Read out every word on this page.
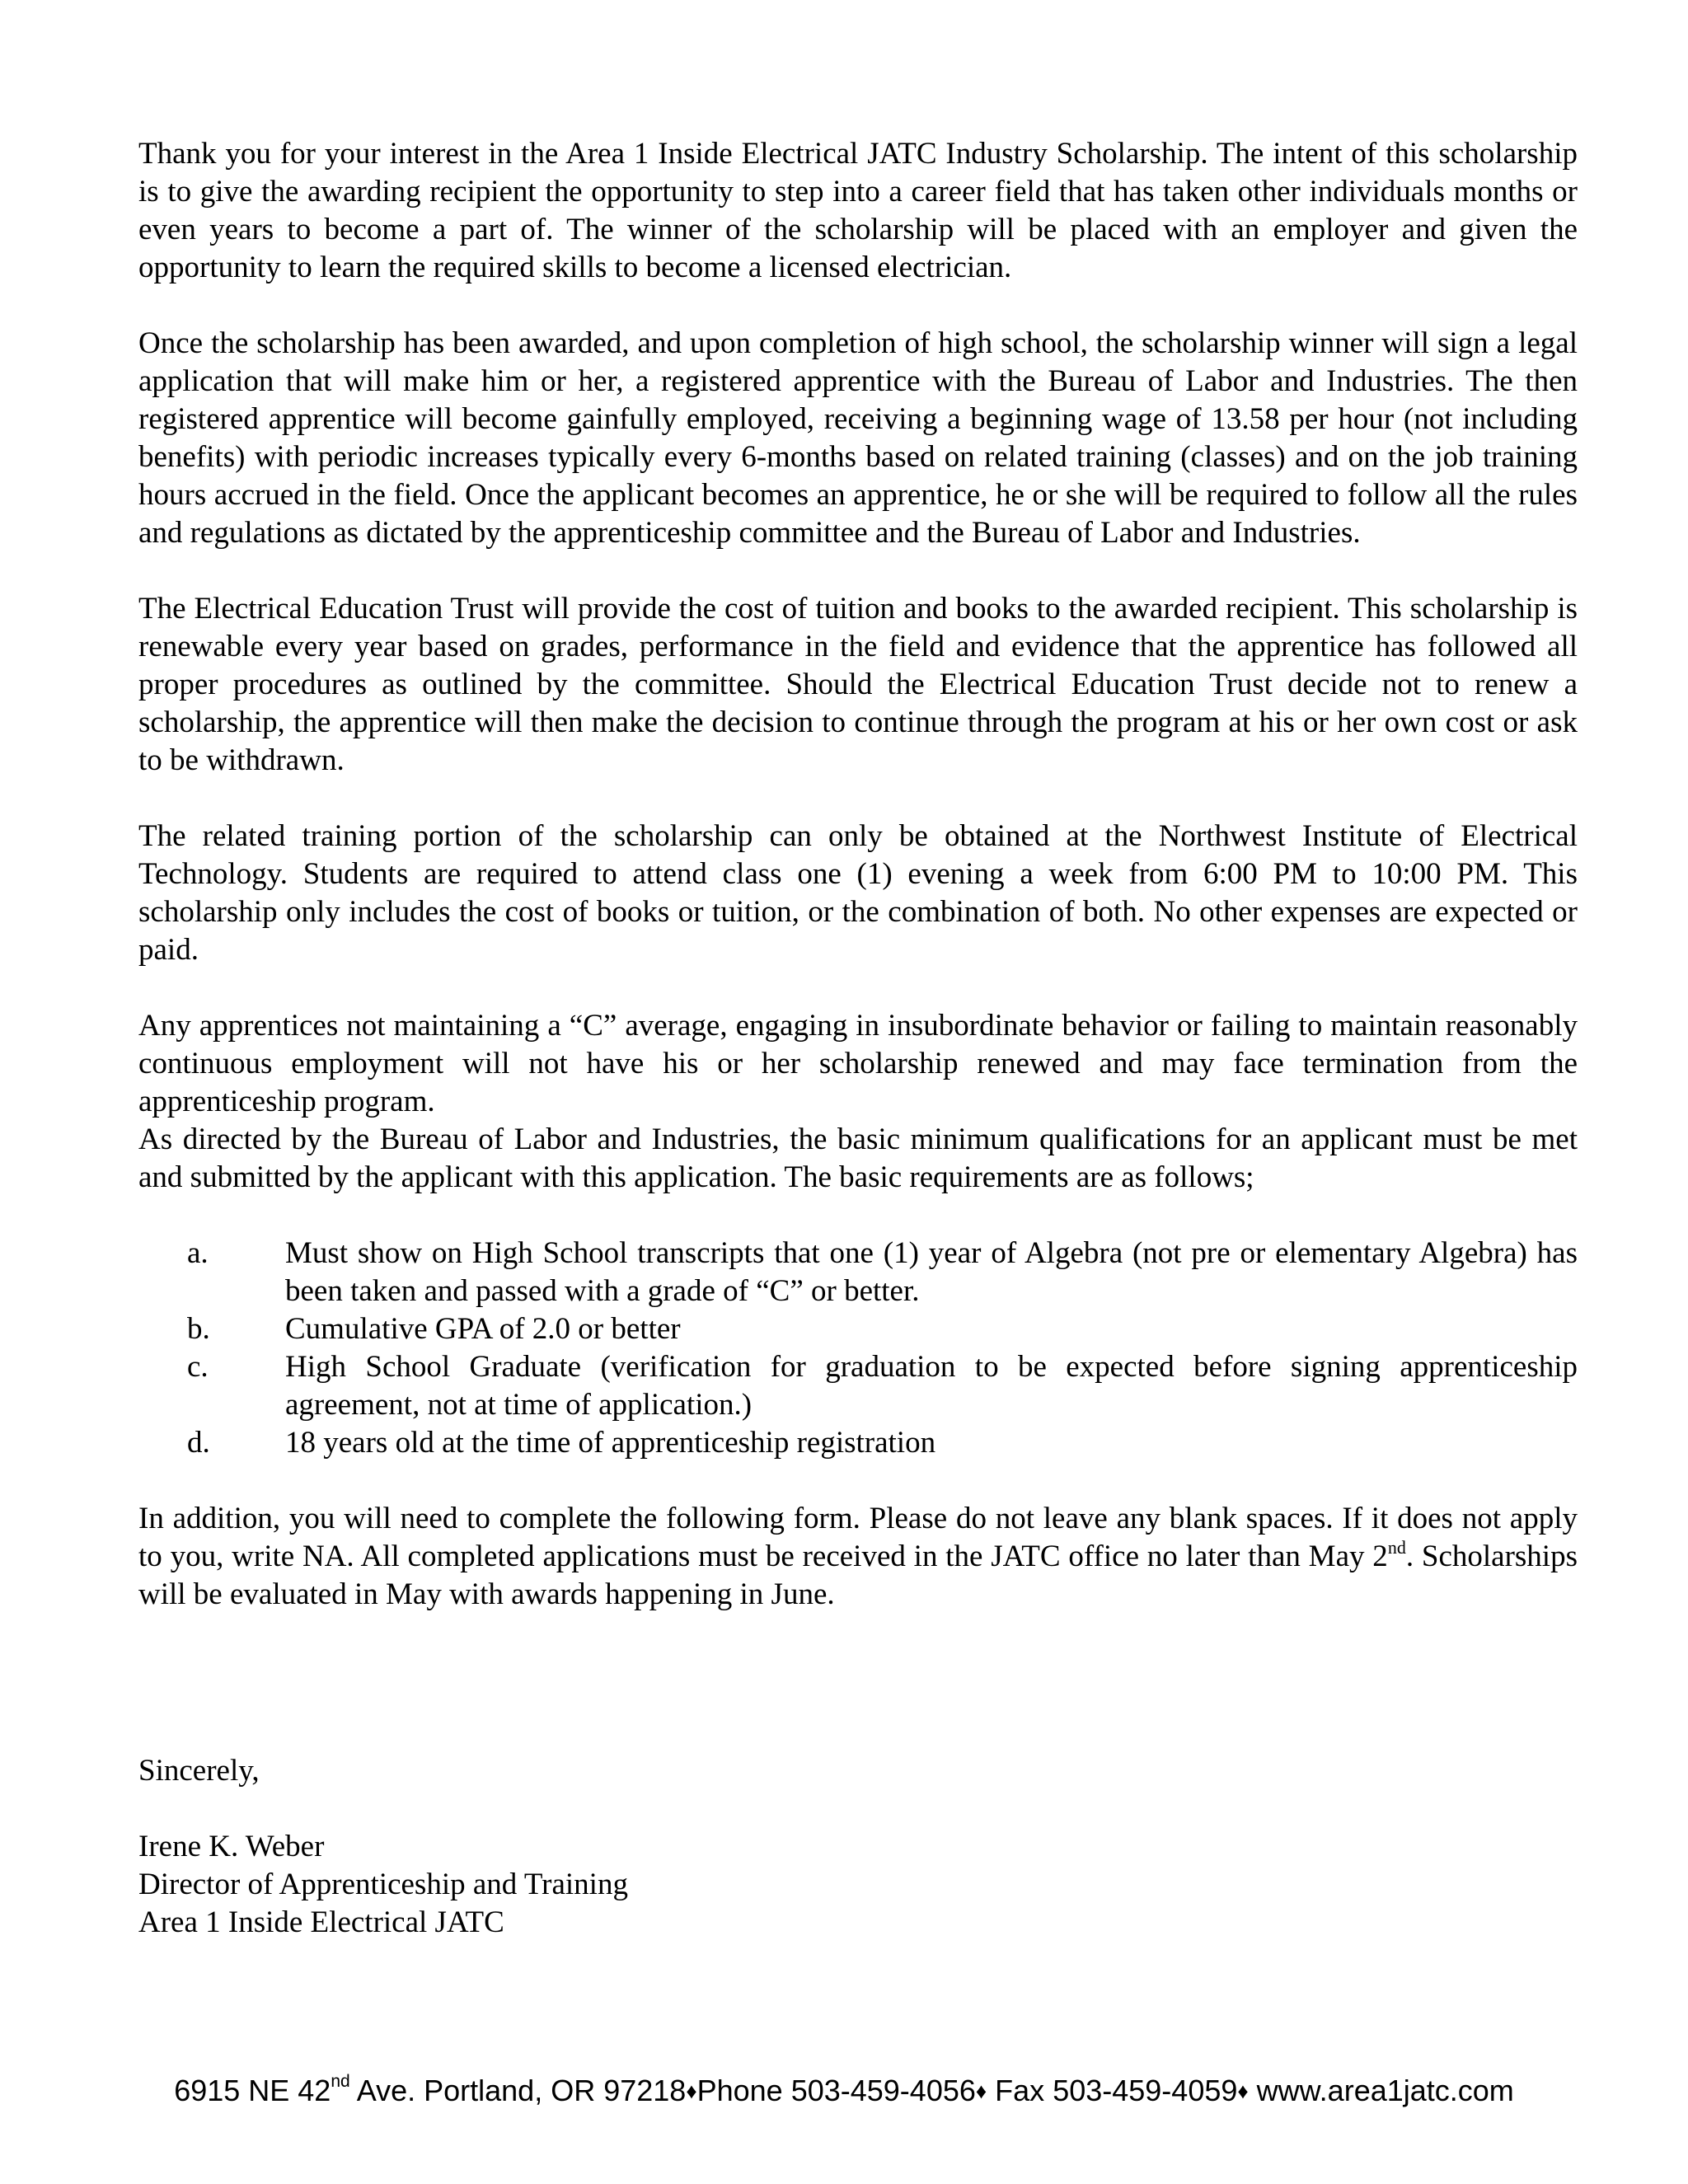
Thank you for your interest in the Area 1 Inside Electrical JATC Industry Scholarship. The intent of this scholarship is to give the awarding recipient the opportunity to step into a career field that has taken other individuals months or even years to become a part of. The winner of the scholarship will be placed with an employer and given the opportunity to learn the required skills to become a licensed electrician.

Once the scholarship has been awarded, and upon completion of high school, the scholarship winner will sign a legal application that will make him or her, a registered apprentice with the Bureau of Labor and Industries. The then registered apprentice will become gainfully employed, receiving a beginning wage of 13.58 per hour (not including benefits) with periodic increases typically every 6-months based on related training (classes) and on the job training hours accrued in the field. Once the applicant becomes an apprentice, he or she will be required to follow all the rules and regulations as dictated by the apprenticeship committee and the Bureau of Labor and Industries.

The Electrical Education Trust will provide the cost of tuition and books to the awarded recipient. This scholarship is renewable every year based on grades, performance in the field and evidence that the apprentice has followed all proper procedures as outlined by the committee. Should the Electrical Education Trust decide not to renew a scholarship, the apprentice will then make the decision to continue through the program at his or her own cost or ask to be withdrawn.

The related training portion of the scholarship can only be obtained at the Northwest Institute of Electrical Technology. Students are required to attend class one (1) evening a week from 6:00 PM to 10:00 PM. This scholarship only includes the cost of books or tuition, or the combination of both. No other expenses are expected or paid.

Any apprentices not maintaining a “C” average, engaging in insubordinate behavior or failing to maintain reasonably continuous employment will not have his or her scholarship renewed and may face termination from the apprenticeship program.

As directed by the Bureau of Labor and Industries, the basic minimum qualifications for an applicant must be met and submitted by the applicant with this application. The basic requirements are as follows;

a.	Must show on High School transcripts that one (1) year of Algebra (not pre or elementary Algebra) has been taken and passed with a grade of “C” or better.
b.	Cumulative GPA of 2.0 or better
c.	High School Graduate (verification for graduation to be expected before signing apprenticeship agreement, not at time of application.)
d.	18 years old at the time of apprenticeship registration

In addition, you will need to complete the following form. Please do not leave any blank spaces. If it does not apply to you, write NA. All completed applications must be received in the JATC office no later than May 2nd. Scholarships will be evaluated in May with awards happening in June.

Sincerely,

Irene K. Weber
Director of Apprenticeship and Training
Area 1 Inside Electrical JATC
6915 NE 42nd Ave. Portland, OR 97218♦Phone 503-459-4056♦ Fax 503-459-4059♦ www.area1jatc.com
